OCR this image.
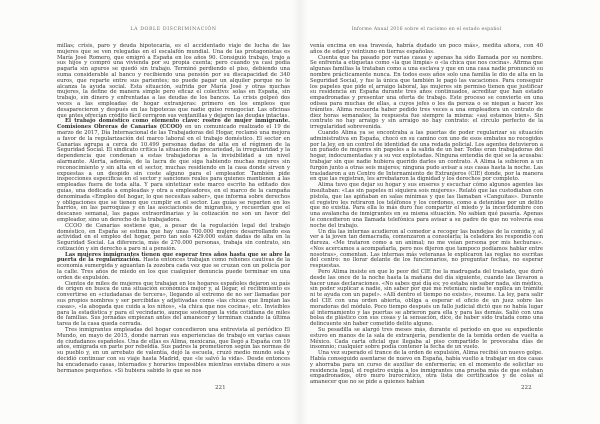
LA DOBLE DISCRIMINACIÓN

millas; crisis, paro y deuda hipotecaria, es el accidentado viaje de lucha de las mujeres que se ven relegadas en el escalafón mundial. Una de las protagonistas es María José Romero, que emigró a España en los años 90. Consiguió trabajo, trajo a sus hijos y compró una vivienda por su propia cuenta; pero cuando ya casi podía pagarla sin apuros se quedó sin trabajo. Terminó perdiendo el piso, debiendo una suma considerable al banco y recibiendo una pensión por su discapacidad de 340 euros, que reparte entre sus parientes; no puede pagar un alquiler porque no le alcanza la ayuda social. Esta situación, sufrida por María José y otras muchas mujeres, la define de manera simple pero eficaz el colectivo: solas en España, sin trabajo, sin dinero y enfrentadas a las deudas de los bancos. La crisis golpeó dos veces a las empleadas de hogar extranjeras: primero en los empleos que desaparecieron y después en las hipotecas que nadie quiso renegociar. Las oficinas que antes ofrecían crédito fácil cerraron sus ventanillas y dejaron las deudas intactas.

El trabajo doméstico como elemento clave: rostro de mujer inmigrante. Comisiones Obreras de Canarias (CCOO) en un comunicado realizado el 19 de marzo de 2017, Día Internacional de las Trabajadoras del Hogar, reclamó una mejora a favor de la regularización del marco laboral en el trabajo doméstico. El sector en Canarias agrupa a cerca de 10.499 personas dadas de alta en el régimen de la Seguridad Social. El sindicato critica la situación de precariedad, la irregularidad y la dependencia que condenan a estas trabajadoras a la invisibilidad a un nivel alarmante. Alerta, además, de la lacra de que siga habiendo muchas mujeres sin reconocimiento y sin alta en el sector, muchas residiendo en la casa donde sirven y expuestas a un despido sin coste alguno para el empleador. También pide inspecciones específicas en el sector y sanciones reales para quienes mantienen a las empleadas fuera de toda alta. Y para sintetizar este marco escrito ha editado dos guías, una dedicada a empleadas y otra a empleadores, en el marco de la campaña denominada «Empleo del hogar, lo que necesitas saber», que informa sobre derechos y obligaciones que se tienen que cumplir en el sector. Las guías se reparten en los barrios, en las parroquias y en las asociaciones de migrantes, y recuerdan que el descanso semanal, las pagas extraordinarias y la cotización no son un favor del empleador, sino un derecho de la trabajadora.

CCOO de Canarias sostiene que, a pesar de la regulación legal del trabajo doméstico, en España se estima que hay unas 700.000 mujeres desarrollando esa actividad en el empleo del hogar, pero tan solo 429.000 están dadas de alta en la Seguridad Social. La diferencia, más de 270.000 personas, trabaja sin contrato, sin cotización y sin derecho a paro ni a pensión.

Las mujeres inmigrantes tienen que esperar tres años hasta que se abre la puerta de la regularización. Hasta entonces trabajan como rehenes cautivas de la economía sumergida y aguantan la zozobra cada vez que se cruzan con un policía por la calle. Tres años de miedo en los que cualquier denuncia puede terminar en una orden de expulsión.

Cientos de miles de mujeres que trabajan en los hogares españoles dejaron su país de origen en busca de una situación económica mejor y, al llegar, el recibimiento es convertirse en «ciudadanas de tercera», llegando al extremo de no ser llamadas por sus propios nombres y ser percibidas y adjetivadas como «las chicas que limpian las casas», «la abogada que cuida a los niños», «la chica que nos cocina», etc. Invisibles para la estadística y para el vecindario, aunque sostengan la vida cotidiana de miles de familias. Sus jornadas empiezan antes del amanecer y terminan cuando la última tarea de la casa queda cerrada.

Tres inmigrantes empleadas del hogar concedieron una entrevista al periódico El Mundo, en mayo de 2015, donde narran sus experiencias de trabajo en varias casas de ciudadanos españoles. Una de ellas es Alima, mexicana, que llegó a España con 19 años, emigrada en parte por rebeldía. Sus padres la prometieron según las normas de su pueblo y, en un arrebato de valentía, dejó la escuela, cruzó medio mundo sola y decidió continuar con su viaje hasta Madrid, que «le salvó la vida». Desde entonces ha encadenado casas, internados y horarios imposibles mientras enviaba dinero a sus hermanos pequeños. «Si hubiera sabido lo que se nos

221
Informe Anual 2016 sobre el racismo en el estado español

venía encima en esa travesía, habría dudado un poco más», medita ahora, con 40 años de edad y veintiuno en tierras españolas.

Cuenta que ha pasado por varias casas y apenas ha sido llamada por su nombre. Se enfrenta a etiquetas como «la que limpia» o «la chica que nos cocina». Afirma que algunas familias la trataban como a una esclava y que en una casa nadie pronunció su nombre prácticamente nunca. En todos esos años solo una familia le dio de alta en la Seguridad Social, y fue la única que también le pagó las vacaciones. Para conseguir los papeles que pide el arraigo laboral, las mujeres sin permiso tienen que justificar su residencia en España durante tres años continuados, acreditar que han estado empadronadas y presentar una oferta de trabajo. Este proceso se convierte en una odisea para muchas de ellas, a cuyos jefes o les da pereza o se niegan a hacer los trámites. Alima recuerda haber pedido tres veces a una empleadora un contrato de diez horas semanales; la respuesta fue siempre la misma: «así estamos bien». Sin contrato no hay arraigo y sin arraigo no hay contrato: el círculo perfecto de la irregularidad sobrevenida.

Cuando Alima ya se encontraba a las puertas de poder regularizar su situación administrativa en España, chocó en su camino con uno de esos embates no recogidos por la ley, en un control de identidad de una redada policial. Los agentes detuvieron a un puñado de mujeres sin papeles a la salida de un bar. Todas eran trabajadoras del hogar, indocumentadas y a su vez explotadas. Ninguna entendía de qué se la acusaba: trabajar sin que nadie hubiera querido darles un contrato. A Alima la subieron a un furgón junto a otras seis mujeres; ninguna pudo avisar a sus casas hasta la noche. Las trasladaron a un Centro de Internamiento de Extranjeros (CIE) donde, por la manera en que las registran, les arrebataron la dignidad y los derechos por completo.

Alima tuvo que dejar su hogar y sus enseres y escuchar cómo algunos agentes las insultaban: «Las sin papeles ni siquiera sois mujeres». Relató que las custodiaban con pistola, que las apiñaban en salas mínimas y que las llamaban «Canguitas». Durante el registro les retiraron los teléfonos y los cordones, como a detenidas por un delito que no existía. Para ella lo más duro fue compartir el miedo y la incertidumbre con una avalancha de inmigrantes en su misma situación. No sabían qué pasaría. Apenas le concedieron una llamada telefónica para avisar a su padre de que no volvería esa noche del trabajo.

Un día las internas acudieron al comedor a recoger las bandejas de la comida y, al ver a la joven tan demacrada, comenzaron a consolarla; la celadora les respondió con dureza. «Me trataron como a un animal; no me veían persona por mis hechuras». «Nos acercamos a acompañarla, pero nos dijeron que tampoco podíamos hablar entre nosotras», comentan. Las internas más veteranas le explicaron las reglas no escritas del centro: no llorar delante de los funcionarios, no preguntar fechas, no esperar respuestas.

Pero Alima insiste en que lo peor del CIE fue la madrugada del traslado, que duró desde las once de la noche hasta la mañana del día siguiente, cuando las llevaron a hacer unas declaraciones. «No sabes qué día es; yo estaba sin saber nada, sin médico, sin poder suplicar a nadie, sin saber por qué me retenían; nadie te explica un trámite ni te ayuda con un papel». «Allí dentro el tiempo no existe», resume. La ley, para salir del CIE con una orden abierta, obliga a esperar el oficio de un juez sobre las moradoras del módulo. Poco tiempo después un fallo judicial dictó que no había lugar al internamiento y las puertas se abrieron para ella y para las demás. Salió con una bolsa de plástico con sus cosas y la sensación, dice, de haber sido tratada como una delincuente sin haber cometido delito alguno.

Su pesadilla se alargó tres meses más, durante el período en que su expediente estuvo en manos de la sala de extranjería, pendiente de la temida orden de vuelta a México. Cada carta oficial que llegaba al piso compartido le provocaba días de insomnio; cualquier sobre podía contener la fecha de un vuelo.

Una vez superado el trance de la orden de expulsión, Alima recibió un nuevo golpe. Había conseguido asentarse de nuevo en España, había vuelto a trabajar en dos casas y ahorraba para un curso de auxiliar de enfermería; en el momento de solicitar su residencia legal, el registro exigía a los inmigrantes una prueba más de que estaban empadronados, otro muro burocrático, otra lista de certificados y de colas al amanecer que no se pide a quienes habían

222
